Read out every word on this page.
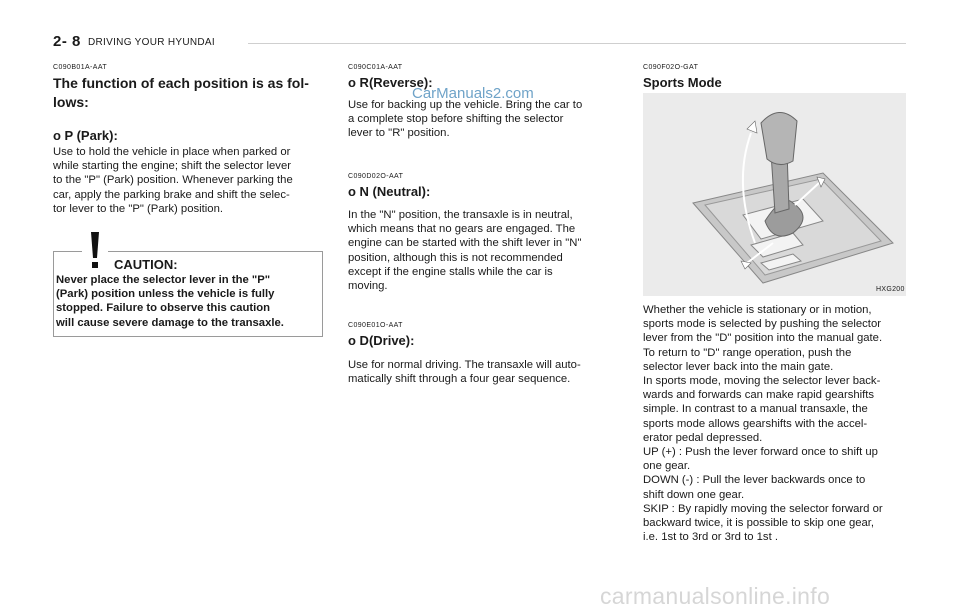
2- 8 DRIVING YOUR HYUNDAI
C090B01A-AAT
The function of each position is as fol-
lows:
o P (Park):
Use to hold the vehicle in place when parked or
while starting the engine; shift the selector lever
to the "P" (Park) position. Whenever parking the
car, apply the parking brake and shift the selec-
tor lever to the "P" (Park) position.
CAUTION:
Never place the selector lever in the "P"
(Park) position unless the vehicle is fully
stopped. Failure to observe this caution
will cause severe damage to the transaxle.
C090C01A-AAT
o R(Reverse):
Use for backing up the vehicle. Bring the car to
a complete stop before shifting the selector
lever to "R" position.
C090D02O-AAT
o N (Neutral):
In the "N" position, the transaxle is in neutral,
which means that no gears are engaged. The
engine can be started with the shift lever in "N"
position, although this is not recommended
except if the engine stalls while the car is
moving.
C090E01O-AAT
o D(Drive):
Use for normal driving. The transaxle will auto-
matically shift through a four gear sequence.
C090F02O-GAT
Sports Mode
HXG200
Whether the vehicle is stationary or in motion,
sports mode is selected by pushing the selector
lever from the "D" position into the manual gate.
To return to "D" range operation, push the
selector lever back into the main gate.
In sports mode, moving the selector lever back-
wards and forwards can make rapid gearshifts
simple. In contrast to a manual transaxle, the
sports mode allows gearshifts with the accel-
erator pedal depressed.
UP (+) : Push the lever forward once to shift up
one gear.
DOWN (-) : Pull the lever backwards once to
shift down one gear.
SKIP : By rapidly moving the selector forward or
backward twice, it is possible to skip one gear,
i.e. 1st to 3rd or 3rd to 1st .
CarManuals2.com
carmanualsonline.info
